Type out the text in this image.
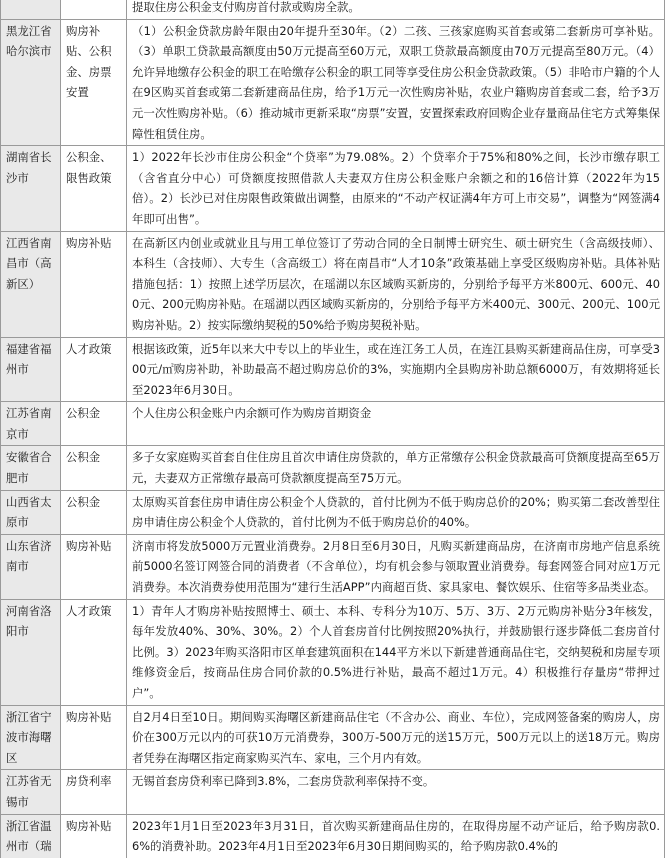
		提取住房公积金支付购房首付款或购房全款。
黑龙江省哈尔滨市	购房补贴、公积金、房票安置	（1）公积金贷款房龄年限由20年提升至30年。（2）二孩、三孩家庭购买首套或第二套新房可享补贴。（3）单职工贷款最高额度由50万元提高至60万元，双职工贷款最高额度由70万元提高至80万元。（4）允许异地缴存公积金的职工在哈缴存公积金的职工同等享受住房公积金贷款政策。（5）非哈市户籍的个人在9区购买首套或第二套新建商品住房，给予1万元一次性购房补贴，农业户籍购房首套或二套，给予3万元一次性购房补贴。（6）推动城市更新采取“房票”安置，安置探索政府回购企业存量商品住宅方式筹集保障性租赁住房。
湖南省长沙市	公积金、限售政策	1）2022年长沙市住房公积金“个贷率”为79.08%。2）个贷率介于75%和80%之间，长沙市缴存职工（含省直分中心）可贷额度按照借款人夫妻双方住房公积金账户余额之和的16倍计算（2022年为15倍）。2）长沙已对住房限售政策做出调整，由原来的“不动产权证满4年方可上市交易”，调整为“网签满4年即可出售”。
江西省南昌市（高新区）	购房补贴	在高新区内创业或就业且与用工单位签订了劳动合同的全日制博士研究生、硕士研究生（含高级技师）、本科生（含技师）、大专生（含高级工）将在南昌市“人才10条”政策基础上享受区级购房补贴。具体补贴措施包括：1）按照上述学历层次，在瑶湖以东区域购买新房的，分别给予每平方米800元、600元、400元、200元购房补贴。在瑶湖以西区域购买新房的，分别给予每平方米400元、300元、200元、100元购房补贴。2）按实际缴纳契税的50%给予购房契税补贴。
福建省福州市	人才政策	根据该政策，近5年以来大中专以上的毕业生，或在连江务工人员，在连江县购买新建商品住房，可享受300元/㎡购房补助，补助最高不超过购房总价的3%，实施期内全县购房补助总额6000万，有效期将延长至2023年6月30日。
江苏省南京市	公积金	个人住房公积金账户内余额可作为购房首期资金
安徽省合肥市	公积金	多子女家庭购买首套自住住房且首次申请住房贷款的，单方正常缴存公积金贷款最高可贷额度提高至65万元，夫妻双方正常缴存最高可贷款额度提高至75万元。
山西省太原市	公积金	太原购买首套住房申请住房公积金个人贷款的，首付比例为不低于购房总价的20%；购买第二套改善型住房申请住房公积金个人贷款的，首付比例为不低于购房总价的40%。
山东省济南市	购房补贴	济南市将发放5000万元置业消费券。2月8日至6月30日，凡购买新建商品房，在济南市房地产信息系统前5000名签订网签合同的消费者（不含单位），均有机会参与领取置业消费券。每套网签合同对应1万元消费券。本次消费券使用范围为“建行生活APP”内商超百货、家具家电、餐饮娱乐、住宿等多品类业态。
河南省洛阳市	人才政策	1）青年人才购房补贴按照博士、硕士、本科、专科分为10万、5万、3万、2万元购房补贴分3年核发，每年发放40%、30%、30%。2）个人首套房首付比例按照20%执行，并鼓励银行逐步降低二套房首付比例。3）2023年购买洛阳市区单套建筑面积在144平方米以下新建普通商品住宅，交纳契税和房屋专项维修资金后，按商品住房合同价款的0.5%进行补贴，最高不超过1万元。4）积极推行存量房“带押过户”。
浙江省宁波市海曙区	购房补贴	自2月4日至10日。期间购买海曙区新建商品住宅（不含办公、商业、车位），完成网签备案的购房人，房价在300万元以内的可获10万元消费券，300万-500万元的送15万元，500万元以上的送18万元。购房者凭券在海曙区指定商家购买汽车、家电，三个月内有效。
江苏省无锡市	房贷利率	无锡首套房贷利率已降到3.8%，二套房贷款利率保持不变。
浙江省温州市（瑞	购房补贴	2023年1月1日至2023年3月31日，首次购买新建商品住房的，在取得房屋不动产证后，给予购房款0.6%的消费补助。2023年4月1日至2023年6月30日期间购买的，给予购房款0.4%的
